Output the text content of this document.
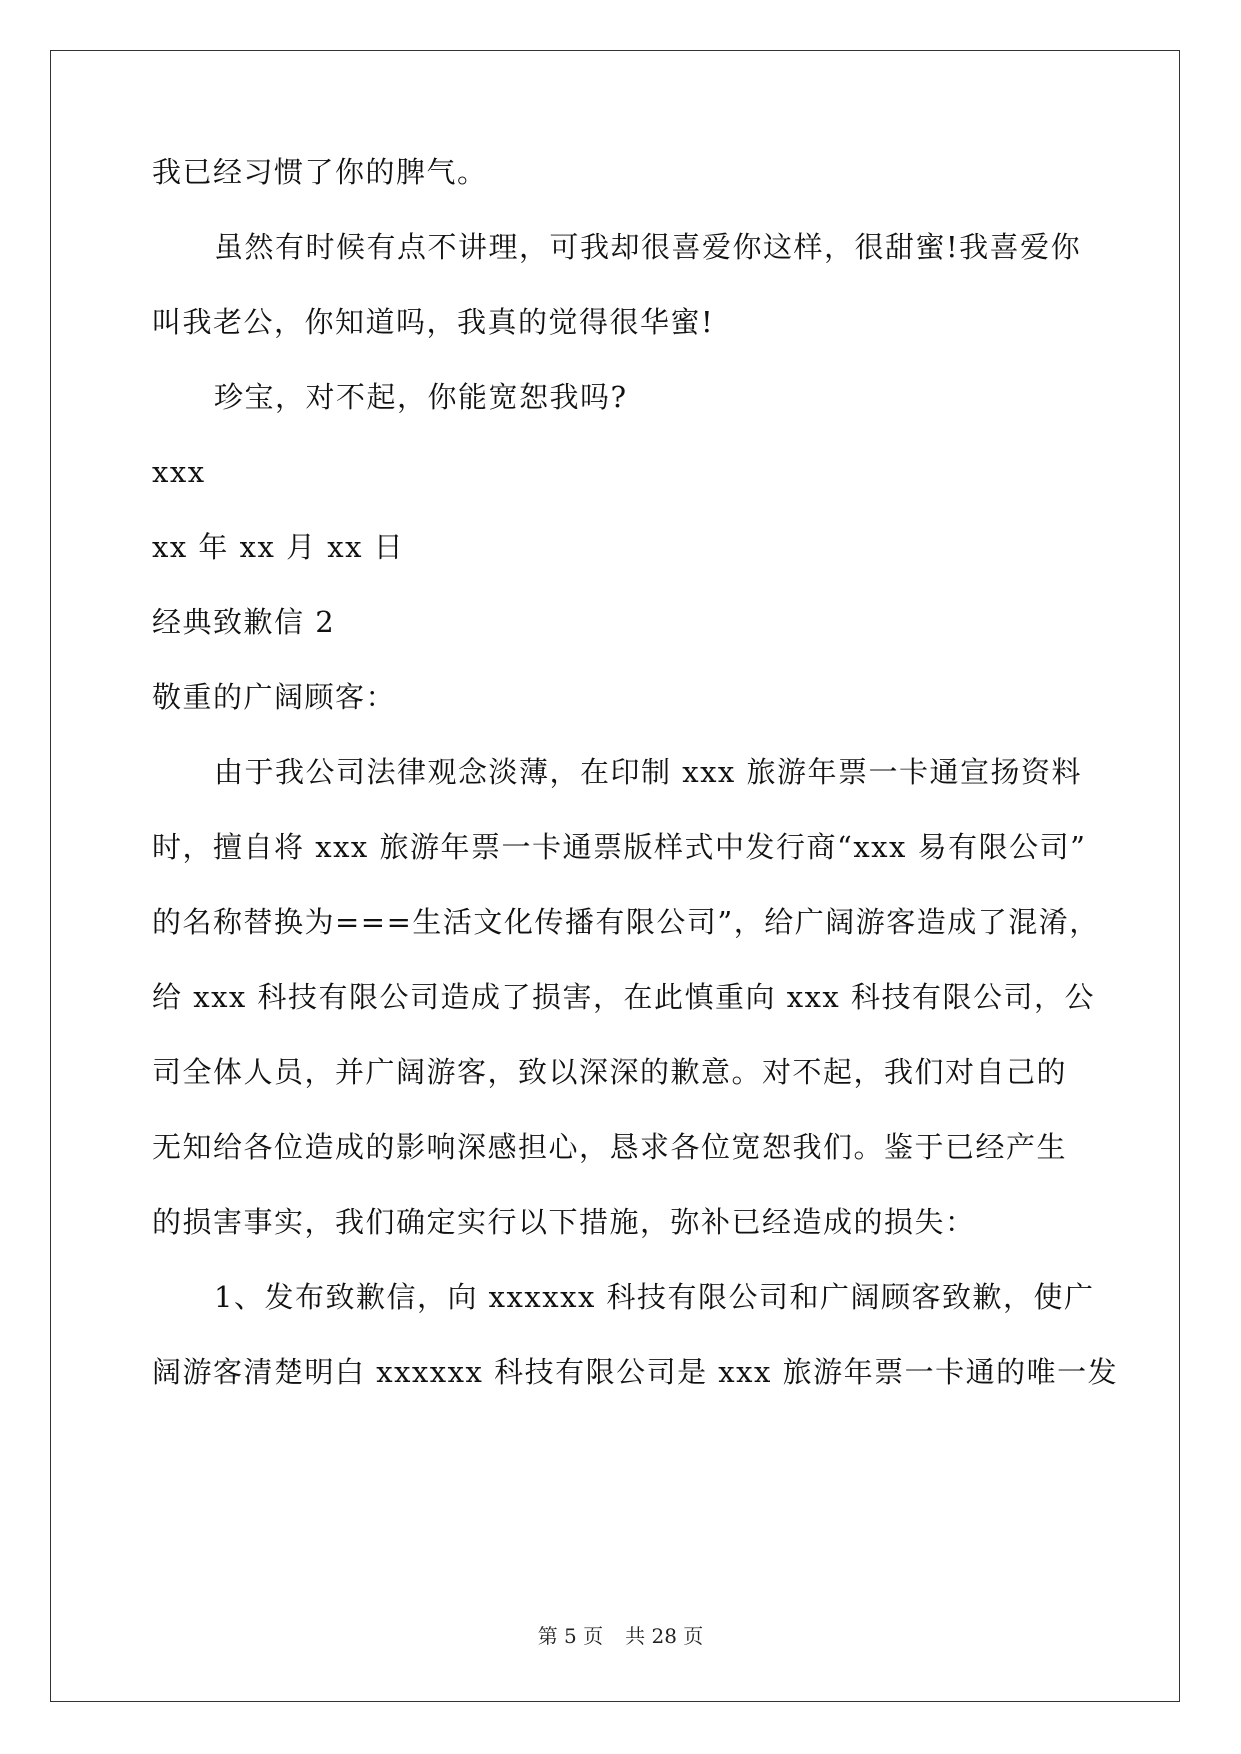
我已经习惯了你的脾气。
虽然有时候有点不讲理，可我却很喜爱你这样，很甜蜜!我喜爱你
叫我老公，你知道吗，我真的觉得很华蜜!
珍宝，对不起，你能宽恕我吗?
xxx
xx 年 xx 月 xx 日
经典致歉信 2
敬重的广阔顾客：
由于我公司法律观念淡薄，在印制 xxx 旅游年票一卡通宣扬资料
时，擅自将 xxx 旅游年票一卡通票版样式中发行商“xxx 易有限公司”
的名称替换为===生活文化传播有限公司”，给广阔游客造成了混淆，
给 xxx 科技有限公司造成了损害，在此慎重向 xxx 科技有限公司，公
司全体人员，并广阔游客，致以深深的歉意。对不起，我们对自己的
无知给各位造成的影响深感担心，恳求各位宽恕我们。鉴于已经产生
的损害事实，我们确定实行以下措施，弥补已经造成的损失：
1、发布致歉信，向 xxxxxx 科技有限公司和广阔顾客致歉，使广
阔游客清楚明白 xxxxxx 科技有限公司是 xxx 旅游年票一卡通的唯一发
第 5 页 共 28 页
